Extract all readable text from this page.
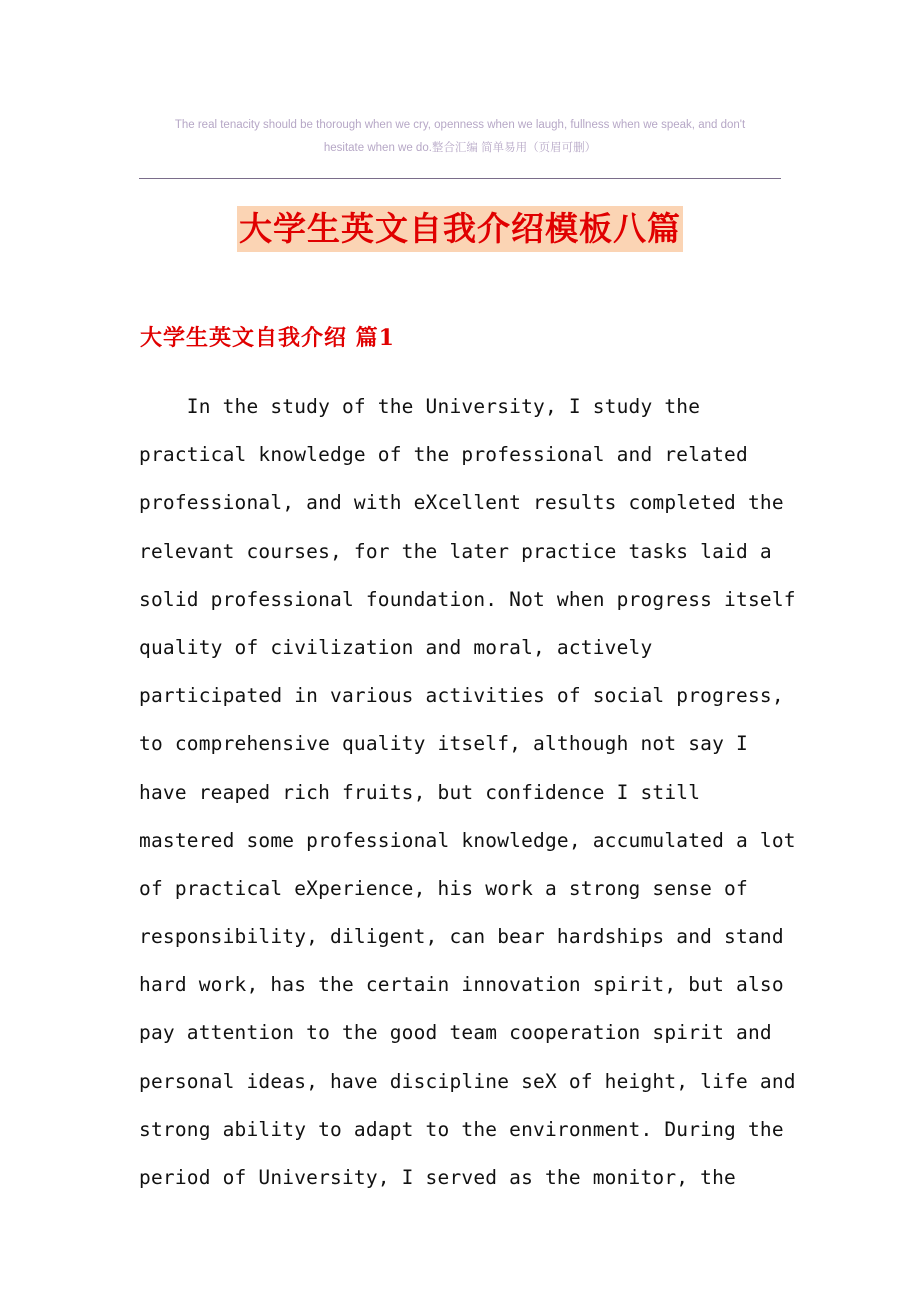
The real tenacity should be thorough when we cry, openness when we laugh, fullness when we speak, and don't
hesitate when we do.整合汇编 简单易用（页眉可删）
大学生英文自我介绍模板八篇
大学生英文自我介绍 篇1
In the study of the University, I study the
practical knowledge of the professional and related
professional, and with eXcellent results completed the
relevant courses, for the later practice tasks laid a
solid professional foundation. Not when progress itself
quality of civilization and moral, actively
participated in various activities of social progress,
to comprehensive quality itself, although not say I
have reaped rich fruits, but confidence I still
mastered some professional knowledge, accumulated a lot
of practical eXperience, his work a strong sense of
responsibility, diligent, can bear hardships and stand
hard work, has the certain innovation spirit, but also
pay attention to the good team cooperation spirit and
personal ideas, have discipline seX of height, life and
strong ability to adapt to the environment. During the
period of University, I served as the monitor, the
